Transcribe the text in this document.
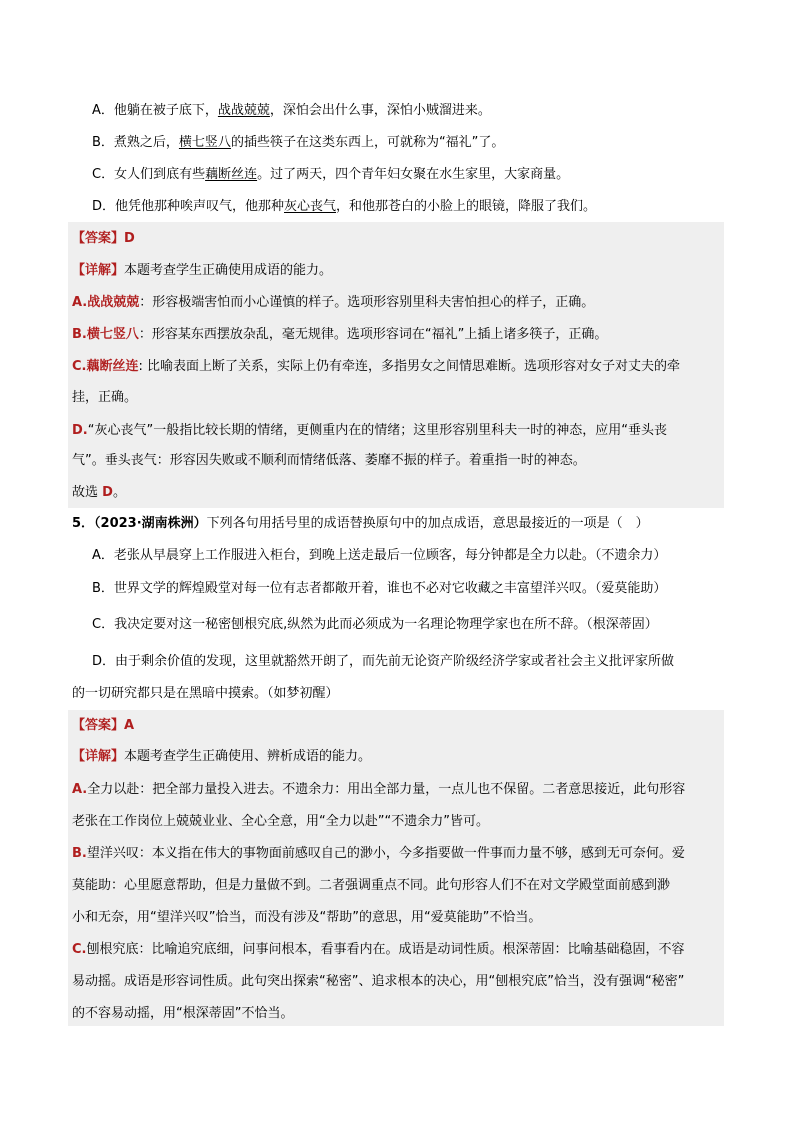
A．他躺在被子底下，战战兢兢，深怕会出什么事，深怕小贼溜进来。
B．煮熟之后，横七竖八的插些筷子在这类东西上，可就称为“福礼”了。
C．女人们到底有些藕断丝连。过了两天，四个青年妇女聚在水生家里，大家商量。
D．他凭他那种唉声叹气，他那种灰心丧气，和他那苍白的小脸上的眼镜，降服了我们。
【答案】D
【详解】本题考查学生正确使用成语的能力。
A.战战兢兢：形容极端害怕而小心谨慎的样子。选项形容别里科夫害怕担心的样子，正确。
B.横七竖八：形容某东西摆放杂乱，毫无规律。选项形容词在“福礼”上插上诸多筷子，正确。
C.藕断丝连: 比喻表面上断了关系，实际上仍有牵连，多指男女之间情思难断。选项形容对女子对丈夫的牵
挂，正确。
D.“灰心丧气”一般指比较长期的情绪，更侧重内在的情绪；这里形容别里科夫一时的神态，应用“垂头丧
气”。垂头丧气：形容因失败或不顺利而情绪低落、萎靡不振的样子。着重指一时的神态。
故选 D。
5．（2023·湖南株洲）下列各句用括号里的成语替换原句中的加点成语，意思最接近的一项是（　）
A．老张从早晨穿上工作服进入柜台，到晚上送走最后一位顾客，每分钟都是全力以赴。（不遗余力）
B．世界文学的辉煌殿堂对每一位有志者都敞开着，谁也不必对它收藏之丰富望洋兴叹。（爱莫能助）
C．我决定要对这一秘密刨根究底,纵然为此而必须成为一名理论物理学家也在所不辞。（根深蒂固）
D．由于剩余价值的发现，这里就豁然开朗了，而先前无论资产阶级经济学家或者社会主义批评家所做
的一切研究都只是在黑暗中摸索。（如梦初醒）
【答案】A
【详解】本题考查学生正确使用、辨析成语的能力。
A.全力以赴：把全部力量投入进去。不遗余力：用出全部力量，一点儿也不保留。二者意思接近，此句形容
老张在工作岗位上兢兢业业、全心全意，用“全力以赴”“不遗余力”皆可。
B.望洋兴叹：本义指在伟大的事物面前感叹自己的渺小，今多指要做一件事而力量不够，感到无可奈何。爱
莫能助：心里愿意帮助，但是力量做不到。二者强调重点不同。此句形容人们不在对文学殿堂面前感到渺
小和无奈，用“望洋兴叹”恰当，而没有涉及“帮助”的意思，用“爱莫能助”不恰当。
C.刨根究底：比喻追究底细，问事问根本，看事看内在。成语是动词性质。根深蒂固：比喻基础稳固，不容
易动摇。成语是形容词性质。此句突出探索“秘密”、追求根本的决心，用“刨根究底”恰当，没有强调“秘密”
的不容易动摇，用“根深蒂固”不恰当。
